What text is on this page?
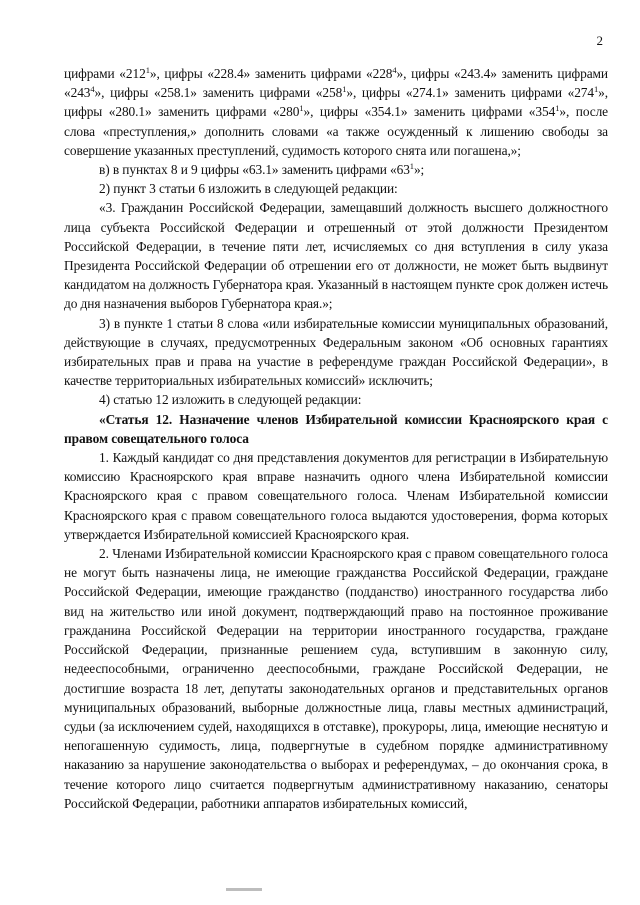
2

цифрами «$212^1$», цифры «228.4» заменить цифрами «$228^4$», цифры «243.4» заменить цифрами «$243^4$», цифры «258.1» заменить цифрами «$258^1$», цифры «274.1» заменить цифрами «$274^1$», цифры «280.1» заменить цифрами «$280^1$», цифры «354.1» заменить цифрами «$354^1$», после слова «преступления,» дополнить словами «а также осужденный к лишению свободы за совершение указанных преступлений, судимость которого снята или погашена,»;

в) в пунктах 8 и 9 цифры «63.1» заменить цифрами «$63^1$»;

2) пункт 3 статьи 6 изложить в следующей редакции:

«3. Гражданин Российской Федерации, замещавший должность высшего должностного лица субъекта Российской Федерации и отрешенный от этой должности Президентом Российской Федерации, в течение пяти лет, исчисляемых со дня вступления в силу указа Президента Российской Федерации об отрешении его от должности, не может быть выдвинут кандидатом на должность Губернатора края. Указанный в настоящем пункте срок должен истечь до дня назначения выборов Губернатора края.»;

3) в пункте 1 статьи 8 слова «или избирательные комиссии муниципальных образований, действующие в случаях, предусмотренных Федеральным законом «Об основных гарантиях избирательных прав и права на участие в референдуме граждан Российской Федерации», в качестве территориальных избирательных комиссий» исключить;

4) статью 12 изложить в следующей редакции:

«Статья 12. Назначение членов Избирательной комиссии Красноярского края с правом совещательного голоса

1. Каждый кандидат со дня представления документов для регистрации в Избирательную комиссию Красноярского края вправе назначить одного члена Избирательной комиссии Красноярского края с правом совещательного голоса. Членам Избирательной комиссии Красноярского края с правом совещательного голоса выдаются удостоверения, форма которых утверждается Избирательной комиссией Красноярского края.

2. Членами Избирательной комиссии Красноярского края с правом совещательного голоса не могут быть назначены лица, не имеющие гражданства Российской Федерации, граждане Российской Федерации, имеющие гражданство (подданство) иностранного государства либо вид на жительство или иной документ, подтверждающий право на постоянное проживание гражданина Российской Федерации на территории иностранного государства, граждане Российской Федерации, признанные решением суда, вступившим в законную силу, недееспособными, ограниченно дееспособными, граждане Российской Федерации, не достигшие возраста 18 лет, депутаты законодательных органов и представительных органов муниципальных образований, выборные должностные лица, главы местных администраций, судьи (за исключением судей, находящихся в отставке), прокуроры, лица, имеющие неснятую и непогашенную судимость, лица, подвергнутые в судебном порядке административному наказанию за нарушение законодательства о выборах и референдумах, – до окончания срока, в течение которого лицо считается подвергнутым административному наказанию, сенаторы Российской Федерации, работники аппаратов избирательных комиссий,
